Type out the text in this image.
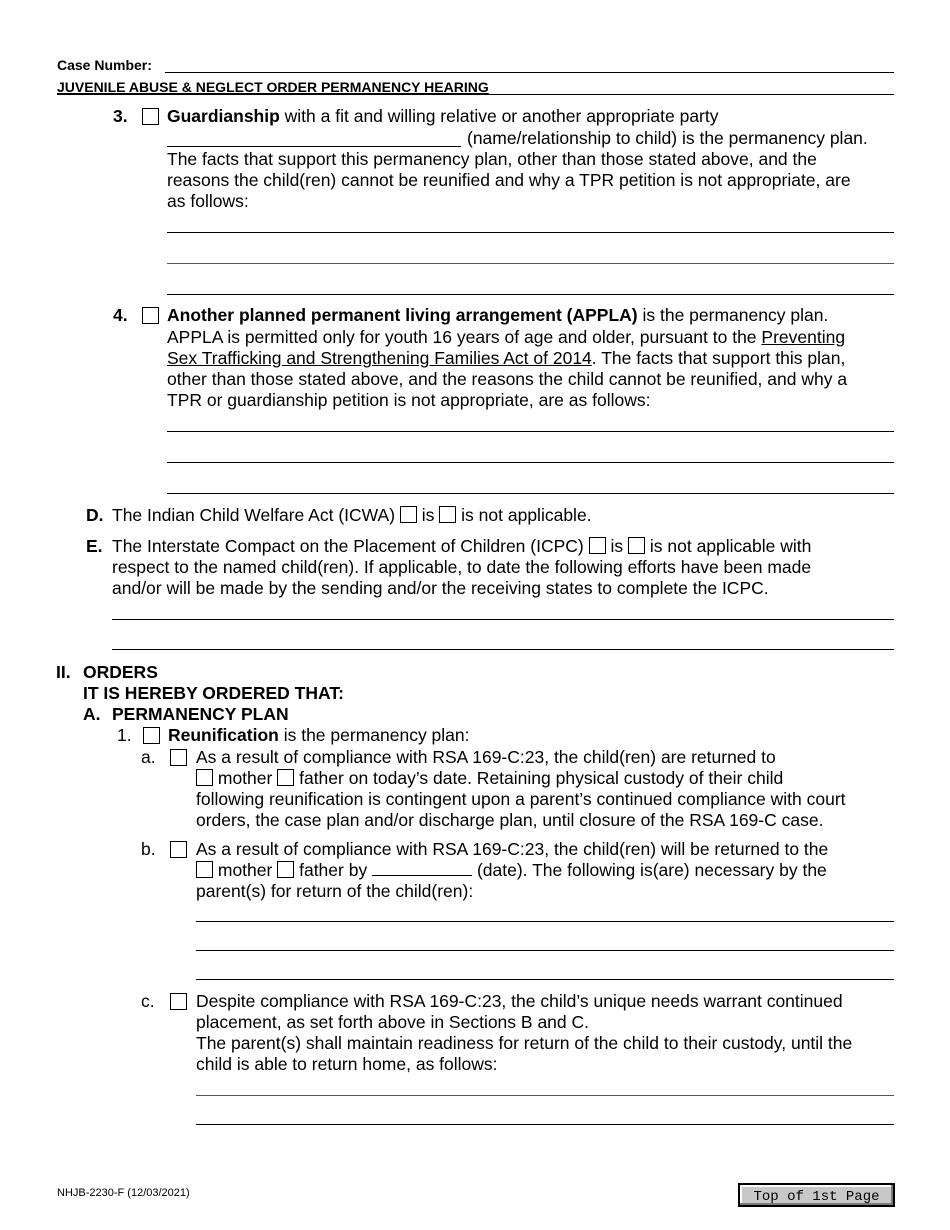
Case Number:
JUVENILE ABUSE & NEGLECT ORDER PERMANENCY HEARING
3. Guardianship with a fit and willing relative or another appropriate party
(name/relationship to child) is the permanency plan.
The facts that support this permanency plan, other than those stated above, and the
reasons the child(ren) cannot be reunified and why a TPR petition is not appropriate, are
as follows:
4. Another planned permanent living arrangement (APPLA) is the permanency plan.
APPLA is permitted only for youth 16 years of age and older, pursuant to the Preventing
Sex Trafficking and Strengthening Families Act of 2014. The facts that support this plan,
other than those stated above, and the reasons the child cannot be reunified, and why a
TPR or guardianship petition is not appropriate, are as follows:
D. The Indian Child Welfare Act (ICWA) is is not applicable.
E. The Interstate Compact on the Placement of Children (ICPC) is is not applicable with
respect to the named child(ren). If applicable, to date the following efforts have been made
and/or will be made by the sending and/or the receiving states to complete the ICPC.
II. ORDERS
IT IS HEREBY ORDERED THAT:
A. PERMANENCY PLAN
1. Reunification is the permanency plan:
a. As a result of compliance with RSA 169-C:23, the child(ren) are returned to
mother father on today’s date. Retaining physical custody of their child
following reunification is contingent upon a parent’s continued compliance with court
orders, the case plan and/or discharge plan, until closure of the RSA 169-C case.
b. As a result of compliance with RSA 169-C:23, the child(ren) will be returned to the
mother father by	(date). The following is(are) necessary by the
parent(s) for return of the child(ren):
c. Despite compliance with RSA 169-C:23, the child’s unique needs warrant continued
placement, as set forth above in Sections B and C.
The parent(s) shall maintain readiness for return of the child to their custody, until the
child is able to return home, as follows:
NHJB-2230-F (12/03/2021)	Top of 1st Page
